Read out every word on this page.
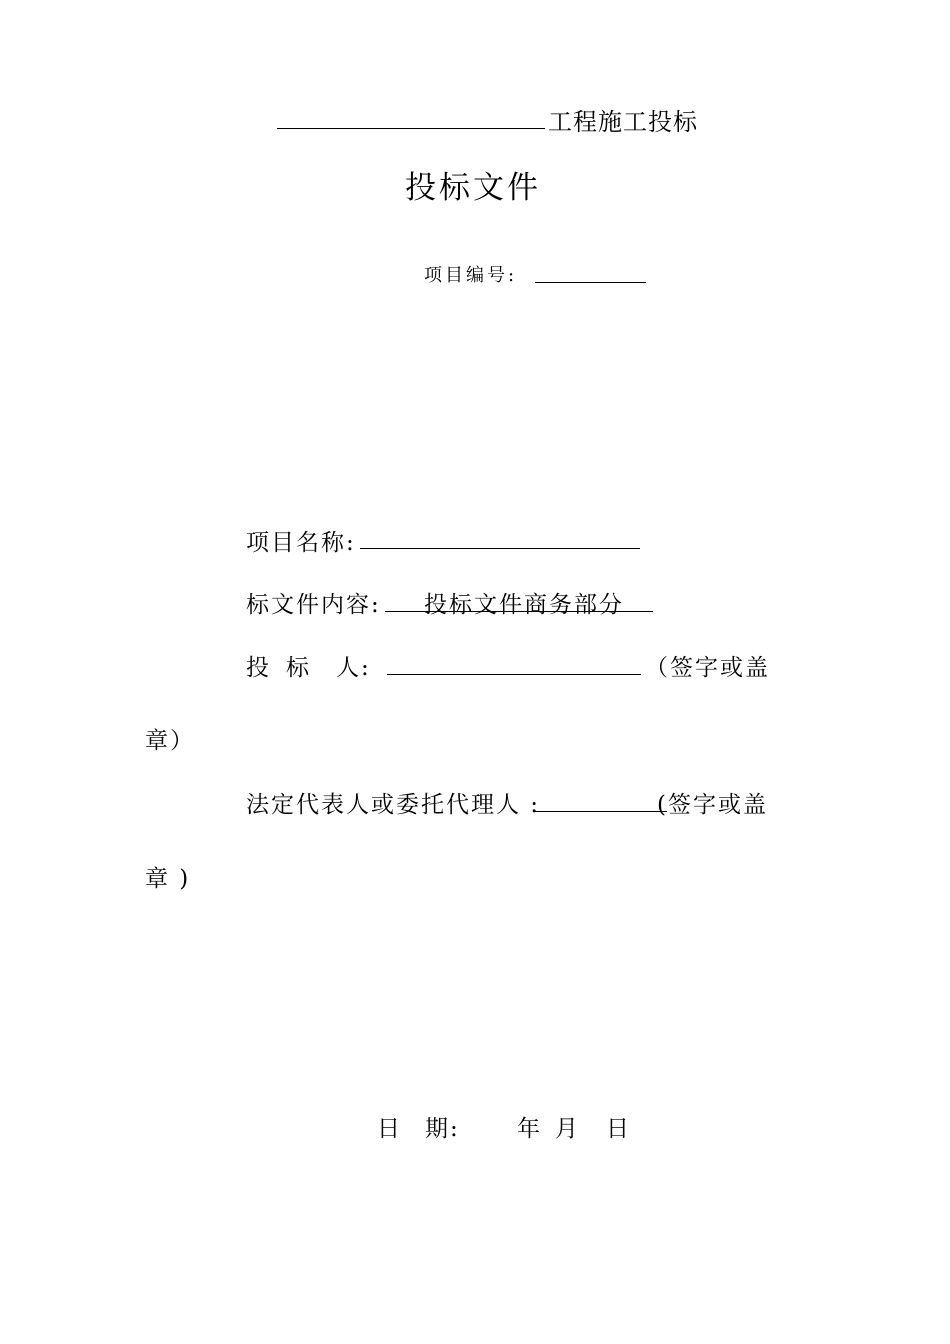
工程施工投标
投标文件
项目编号:
项目名称:
标文件内容: 投标文件商务部分
投 标 人:	（签字或盖
章）
法定代表人或委托代理人 :	(签字或盖
章 )
日 期: 年 月 日
